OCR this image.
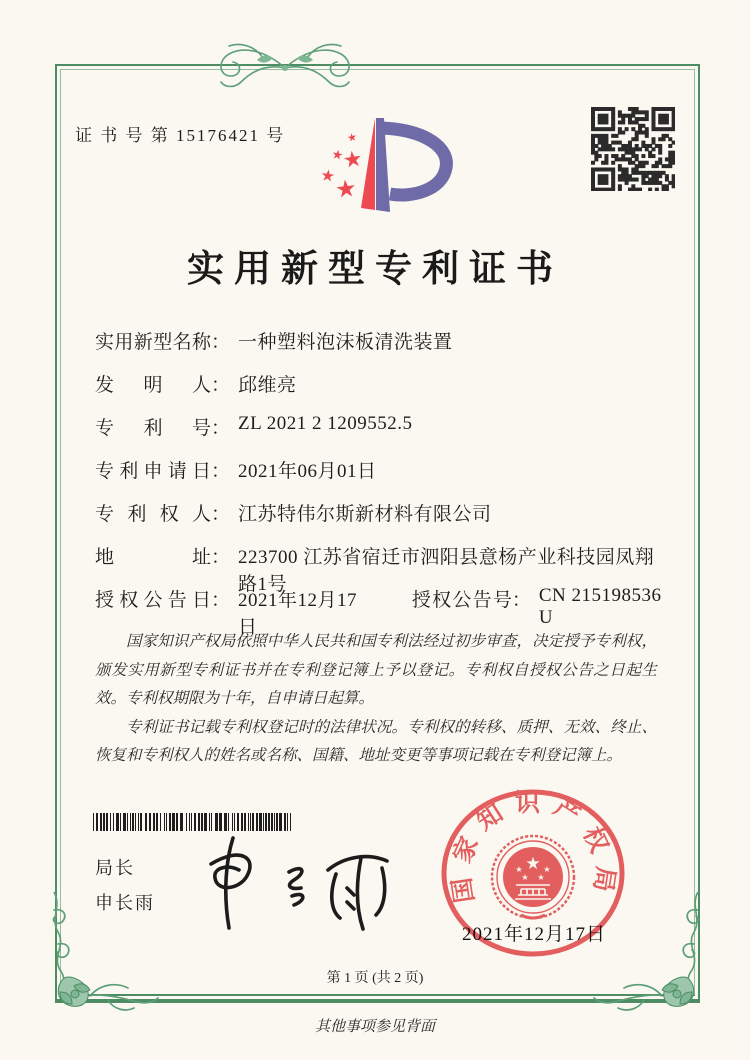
证 书 号 第 15176421 号	★
★
★
★
★
实用新型专利证书
实用新型名称 ： 一种塑料泡沫板清洗装置
发明人 ： 邱维亮
专利号 ： ZL 2021 2 1209552.5
专利申请日 ： 2021年06月01日
专利权人 ： 江苏特伟尔斯新材料有限公司
地址 ： 223700 江苏省宿迁市泗阳县意杨产业科技园凤翔路1号
授权公告日 ： 2021年12月17日
授权公告号 ： CN 215198536 U

国家知识产权局依照中华人民共和国专利法经过初步审查，决定授予专利权，颁发实用新型专利证书并在专利登记簿上予以登记。专利权自授权公告之日起生效。专利权期限为十年，自申请日起算。

专利证书记载专利权登记时的法律状况。专利权的转移、质押、无效、终止、恢复和专利权人的姓名或名称、国籍、地址变更等事项记载在专利登记簿上。

局长
申长雨	国家知识产权局
★
★	★
★ ★
2021年12月17日
第 1 页 (共 2 页)
其他事项参见背面
